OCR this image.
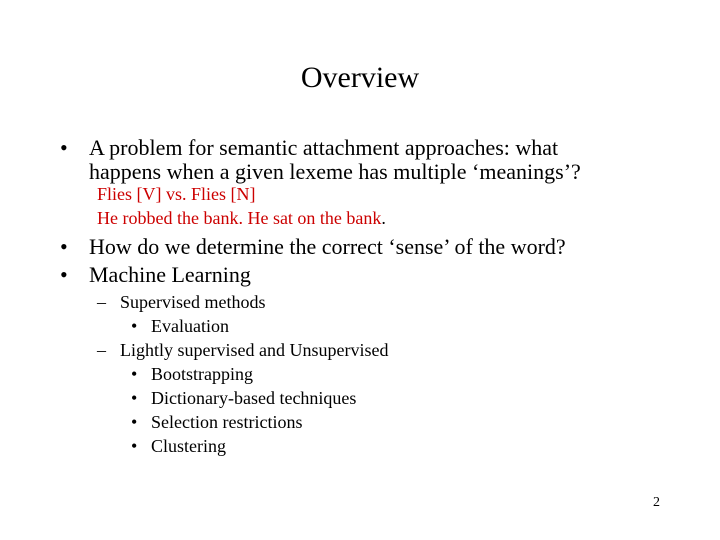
Overview
• A problem for semantic attachment approaches: what
happens when a given lexeme has multiple ‘meanings’?
Flies [V] vs. Flies [N]
He robbed the bank. He sat on the bank.
• How do we determine the correct ‘sense’ of the word?
• Machine Learning
– Supervised methods
• Evaluation
– Lightly supervised and Unsupervised
• Bootstrapping
• Dictionary-based techniques
• Selection restrictions
• Clustering
2
